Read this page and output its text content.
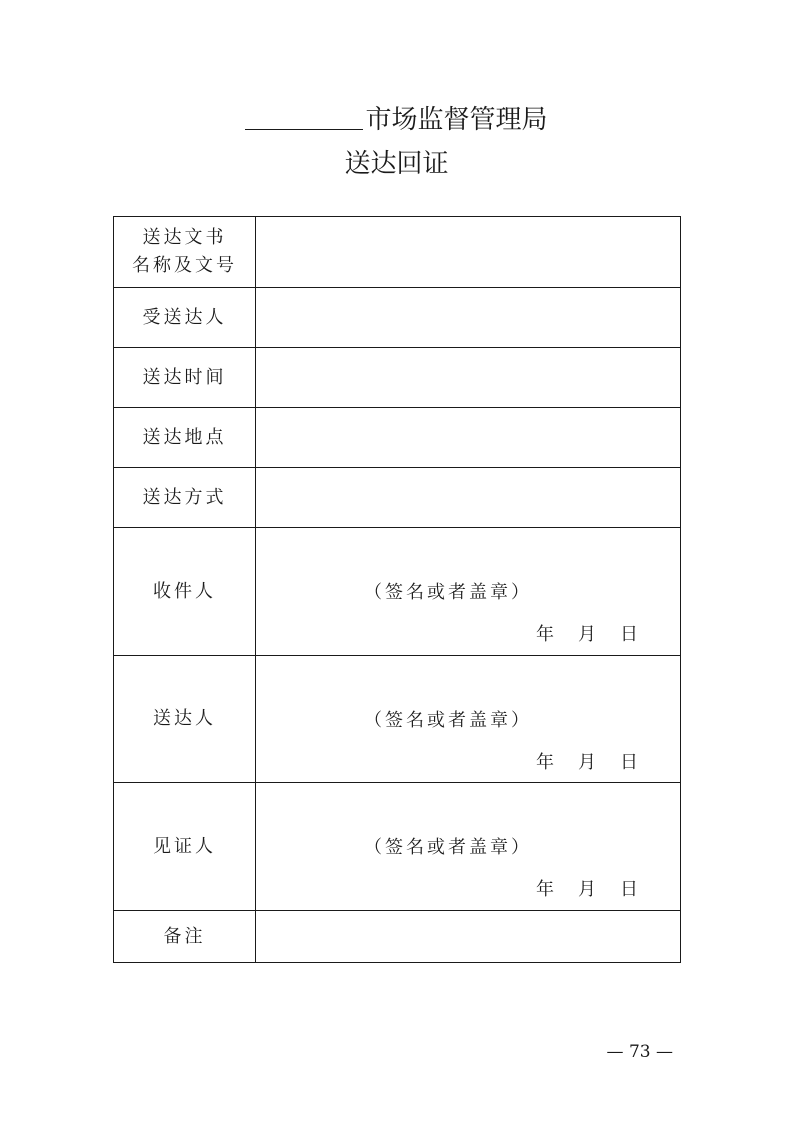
市场监督管理局
送达回证
送达文书
名称及文号	

受送达人	
送达时间	
送达地点	
送达方式	
收件人	（签名或者盖章）
年 月 日

送达人	（签名或者盖章）
年 月 日

见证人	（签名或者盖章）
年 月 日

备注	
— 73 —
